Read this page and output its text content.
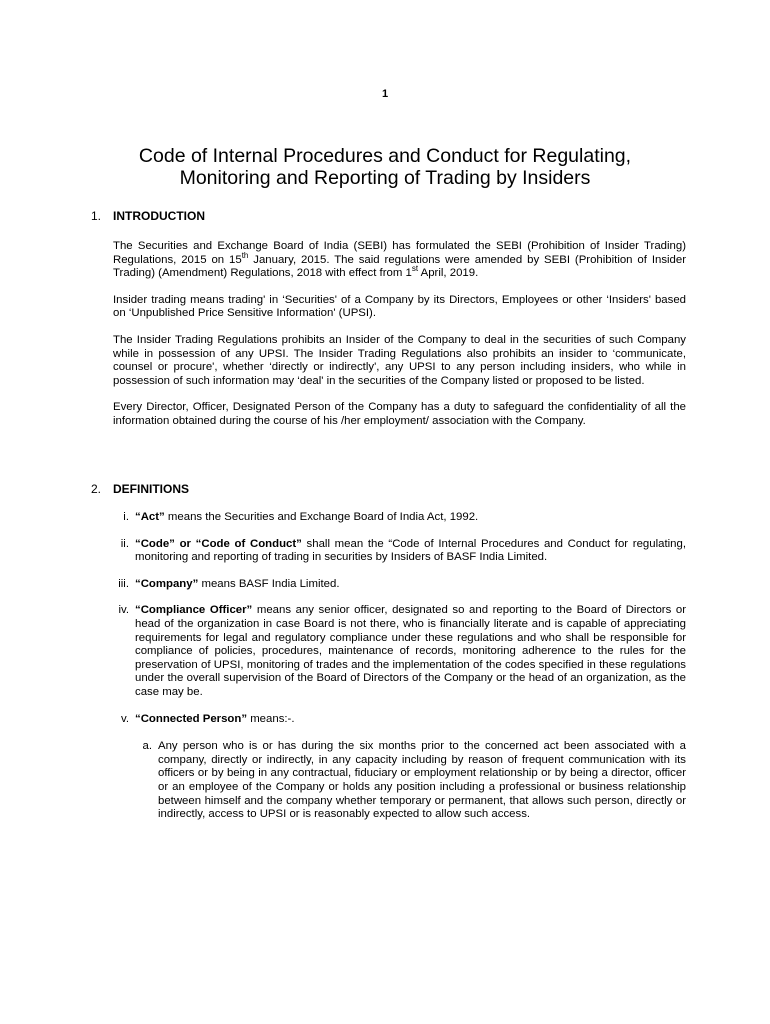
1
Code of Internal Procedures and Conduct for Regulating,
Monitoring and Reporting of Trading by Insiders
1. INTRODUCTION

The Securities and Exchange Board of India (SEBI) has formulated the SEBI (Prohibition of Insider Trading) Regulations, 2015 on 15th January, 2015. The said regulations were amended by SEBI (Prohibition of Insider Trading) (Amendment) Regulations, 2018 with effect from 1st April, 2019.

Insider trading means trading' in ‘Securities' of a Company by its Directors, Employees or other ‘Insiders' based on ‘Unpublished Price Sensitive Information' (UPSI).

The Insider Trading Regulations prohibits an Insider of the Company to deal in the securities of such Company while in possession of any UPSI. The Insider Trading Regulations also prohibits an insider to ‘communicate, counsel or procure', whether ‘directly or indirectly', any UPSI to any person including insiders, who while in possession of such information may ‘deal' in the securities of the Company listed or proposed to be listed.

Every Director, Officer, Designated Person of the Company has a duty to safeguard the confidentiality of all the information obtained during the course of his /her employment/ association with the Company.

2. DEFINITIONS
i. “Act” means the Securities and Exchange Board of India Act, 1992.
ii. “Code” or “Code of Conduct” shall mean the “Code of Internal Procedures and Conduct for regulating, monitoring and reporting of trading in securities by Insiders of BASF India Limited.
iii. “Company” means BASF India Limited.
iv. “Compliance Officer” means any senior officer, designated so and reporting to the Board of Directors or head of the organization in case Board is not there, who is financially literate and is capable of appreciating requirements for legal and regulatory compliance under these regulations and who shall be responsible for compliance of policies, procedures, maintenance of records, monitoring adherence to the rules for the preservation of UPSI, monitoring of trades and the implementation of the codes specified in these regulations under the overall supervision of the Board of Directors of the Company or the head of an organization, as the case may be.
v. “Connected Person” means:-.
a. Any person who is or has during the six months prior to the concerned act been associated with a company, directly or indirectly, in any capacity including by reason of frequent communication with its officers or by being in any contractual, fiduciary or employment relationship or by being a director, officer or an employee of the Company or holds any position including a professional or business relationship between himself and the company whether temporary or permanent, that allows such person, directly or indirectly, access to UPSI or is reasonably expected to allow such access.
